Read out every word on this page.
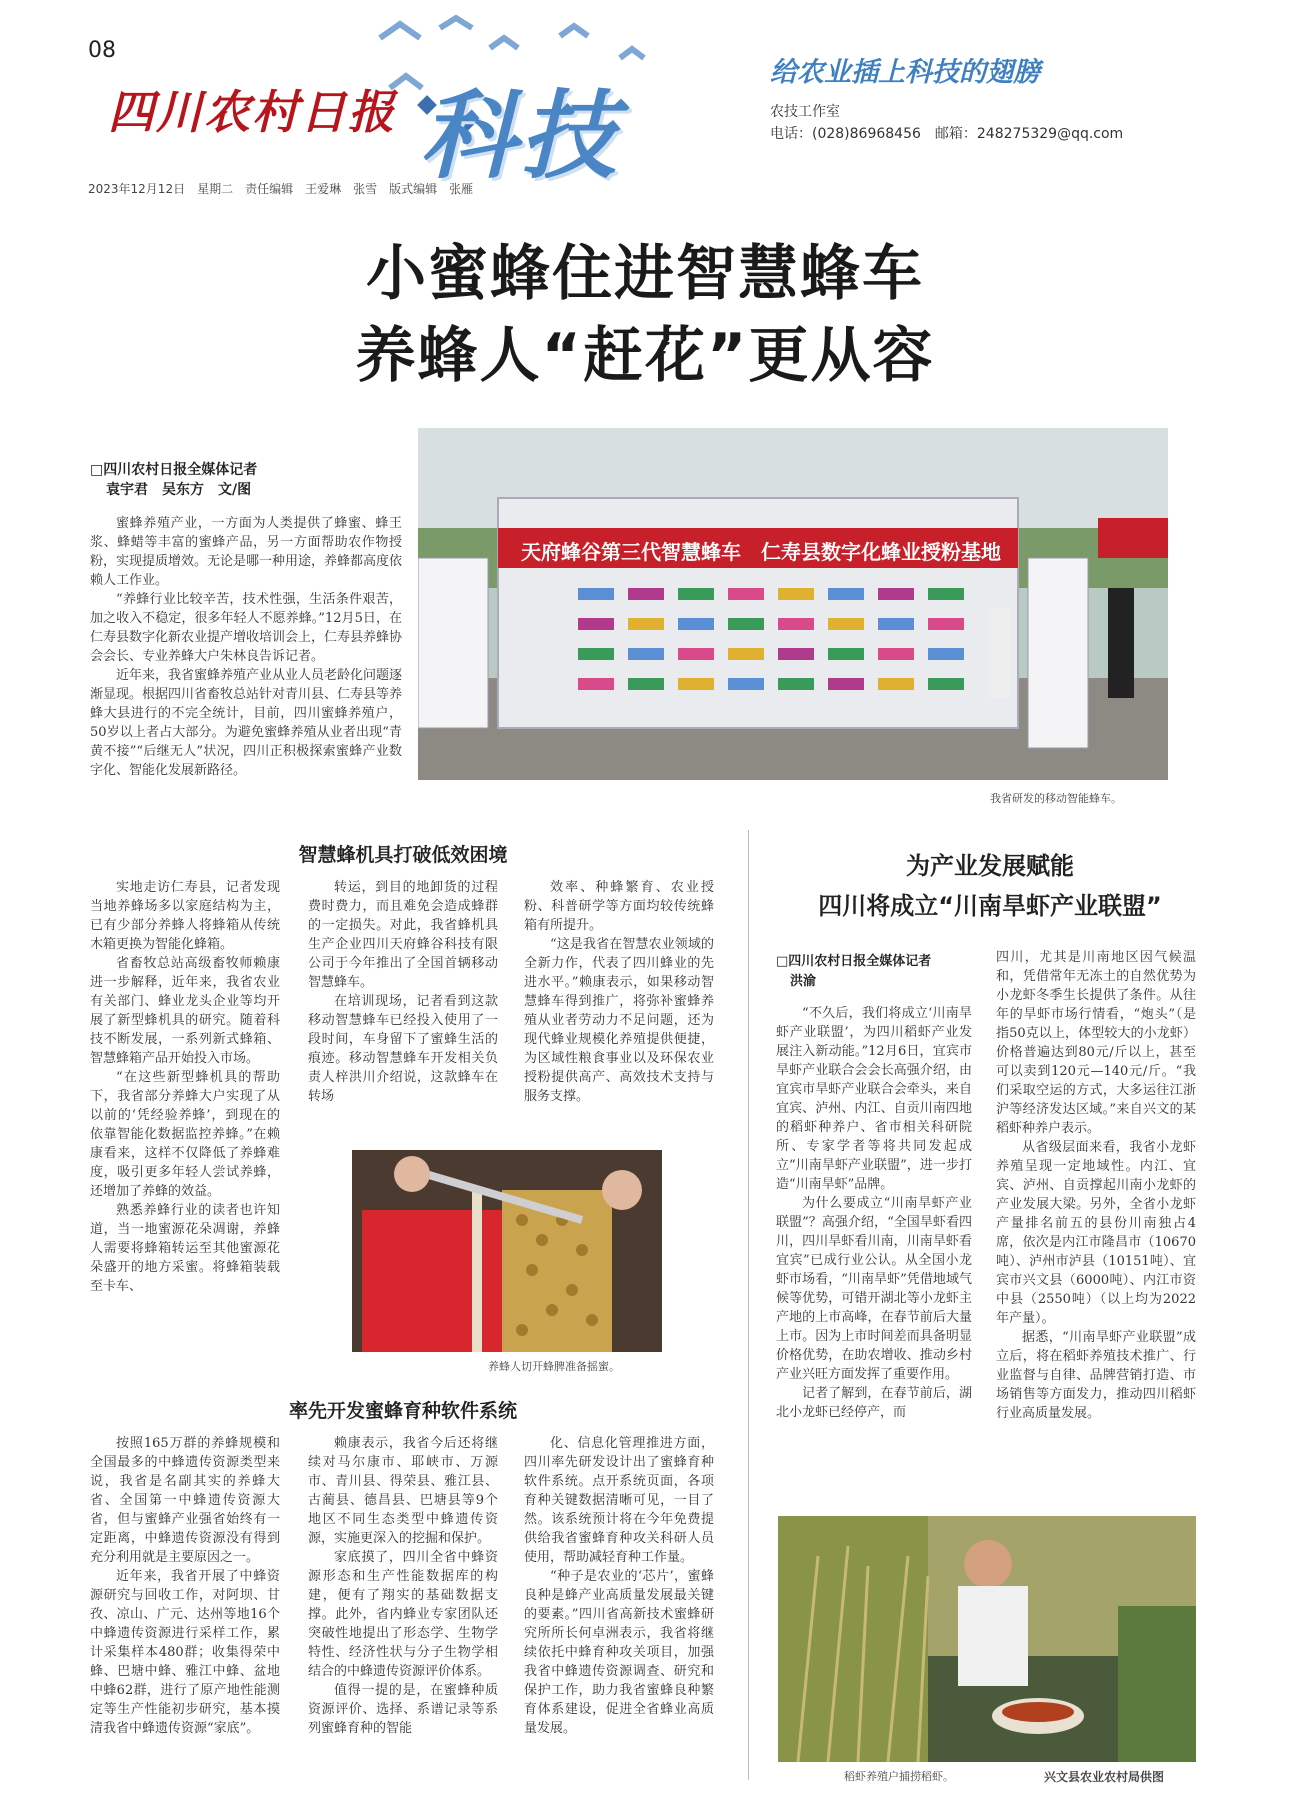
08
四川农村日报 科技
给农业插上科技的翅膀
农技工作室
电话：(028)86968456　邮箱：248275329@qq.com
2023年12月12日　星期二　责任编辑　王爱琳　张雪　版式编辑　张雁
小蜜蜂住进智慧蜂车
养蜂人“赶花”更从容
□四川农村日报全媒体记者
袁宇君　吴东方　文/图

蜜蜂养殖产业，一方面为人类提供了蜂蜜、蜂王浆、蜂蜡等丰富的蜜蜂产品，另一方面帮助农作物授粉，实现提质增效。无论是哪一种用途，养蜂都高度依赖人工作业。

“养蜂行业比较辛苦，技术性强，生活条件艰苦，加之收入不稳定，很多年轻人不愿养蜂。”12月5日，在仁寿县数字化新农业提产增收培训会上，仁寿县养蜂协会会长、专业养蜂大户朱林良告诉记者。

近年来，我省蜜蜂养殖产业从业人员老龄化问题逐渐显现。根据四川省畜牧总站针对青川县、仁寿县等养蜂大县进行的不完全统计，目前，四川蜜蜂养殖户，50岁以上者占大部分。为避免蜜蜂养殖从业者出现“青黄不接”“后继无人”状况，四川正积极探索蜜蜂产业数字化、智能化发展新路径。

天府蜂谷第三代智慧蜂车　仁寿县数字化蜂业授粉基地
我省研发的移动智能蜂车。
智慧蜂机具打破低效困境

实地走访仁寿县，记者发现当地养蜂场多以家庭结构为主，已有少部分养蜂人将蜂箱从传统木箱更换为智能化蜂箱。

省畜牧总站高级畜牧师赖康进一步解释，近年来，我省农业有关部门、蜂业龙头企业等均开展了新型蜂机具的研究。随着科技不断发展，一系列新式蜂箱、智慧蜂箱产品开始投入市场。

“在这些新型蜂机具的帮助下，我省部分养蜂大户实现了从以前的‘凭经验养蜂’，到现在的依靠智能化数据监控养蜂。”在赖康看来，这样不仅降低了养蜂难度，吸引更多年轻人尝试养蜂，还增加了养蜂的效益。

熟悉养蜂行业的读者也许知道，当一地蜜源花朵凋谢，养蜂人需要将蜂箱转运至其他蜜源花朵盛开的地方采蜜。将蜂箱装载至卡车、

转运，到目的地卸货的过程费时费力，而且难免会造成蜂群的一定损失。对此，我省蜂机具生产企业四川天府蜂谷科技有限公司于今年推出了全国首辆移动智慧蜂车。

在培训现场，记者看到这款移动智慧蜂车已经投入使用了一段时间，车身留下了蜜蜂生活的痕迹。移动智慧蜂车开发相关负责人梓洪川介绍说，这款蜂车在转场

效率、种蜂繁育、农业授粉、科普研学等方面均较传统蜂箱有所提升。

“这是我省在智慧农业领域的全新力作，代表了四川蜂业的先进水平。”赖康表示，如果移动智慧蜂车得到推广，将弥补蜜蜂养殖从业者劳动力不足问题，还为现代蜂业规模化养殖提供便捷，为区域性粮食事业以及环保农业授粉提供高产、高效技术支持与服务支撑。

养蜂人切开蜂脾准备摇蜜。
率先开发蜜蜂育种软件系统

按照165万群的养蜂规模和全国最多的中蜂遗传资源类型来说，我省是名副其实的养蜂大省、全国第一中蜂遗传资源大省，但与蜜蜂产业强省始终有一定距离，中蜂遗传资源没有得到充分利用就是主要原因之一。

近年来，我省开展了中蜂资源研究与回收工作，对阿坝、甘孜、凉山、广元、达州等地16个中蜂遗传资源进行采样工作，累计采集样本480群；收集得荣中蜂、巴塘中蜂、雅江中蜂、盆地中蜂62群，进行了原产地性能测定等生产性能初步研究，基本摸清我省中蜂遗传资源“家底”。

赖康表示，我省今后还将继续对马尔康市、耶峡市、万源市、青川县、得荣县、雅江县、古蔺县、德昌县、巴塘县等9个地区不同生态类型中蜂遗传资源，实施更深入的挖掘和保护。

家底摸了，四川全省中蜂资源形态和生产性能数据库的构建，便有了翔实的基础数据支撑。此外，省内蜂业专家团队还突破性地提出了形态学、生物学特性、经济性状与分子生物学相结合的中蜂遗传资源评价体系。

值得一提的是，在蜜蜂种质资源评价、选择、系谱记录等系列蜜蜂育种的智能

化、信息化管理推进方面，四川率先研发设计出了蜜蜂育种软件系统。点开系统页面，各项育种关键数据清晰可见，一目了然。该系统预计将在今年免费提供给我省蜜蜂育种攻关科研人员使用，帮助减轻育种工作量。

“种子是农业的‘芯片’，蜜蜂良种是蜂产业高质量发展最关键的要素。”四川省高新技术蜜蜂研究所所长何卓洲表示，我省将继续依托中蜂育种攻关项目，加强我省中蜂遗传资源调查、研究和保护工作，助力我省蜜蜂良种繁育体系建设，促进全省蜂业高质量发展。

为产业发展赋能
四川将成立“川南旱虾产业联盟”
□四川农村日报全媒体记者
洪渝

“不久后，我们将成立‘川南旱虾产业联盟’，为四川稻虾产业发展注入新动能。”12月6日，宜宾市旱虾产业联合会会长高强介绍，由宜宾市旱虾产业联合会牵头，来自宜宾、泸州、内江、自贡川南四地的稻虾种养户、省市相关科研院所、专家学者等将共同发起成立“川南旱虾产业联盟”，进一步打造“川南旱虾”品牌。

为什么要成立“川南旱虾产业联盟”？高强介绍，“全国旱虾看四川，四川旱虾看川南，川南旱虾看宜宾”已成行业公认。从全国小龙虾市场看，“川南旱虾”凭借地域气候等优势，可错开湖北等小龙虾主产地的上市高峰，在春节前后大量上市。因为上市时间差而具备明显价格优势，在助农增收、推动乡村产业兴旺方面发挥了重要作用。

记者了解到，在春节前后，湖北小龙虾已经停产，而

四川，尤其是川南地区因气候温和，凭借常年无冻土的自然优势为小龙虾冬季生长提供了条件。从往年的旱虾市场行情看，“炮头”（是指50克以上，体型较大的小龙虾）价格普遍达到80元/斤以上，甚至可以卖到120元—140元/斤。“我们采取空运的方式，大多运往江浙沪等经济发达区域。”来自兴文的某稻虾种养户表示。

从省级层面来看，我省小龙虾养殖呈现一定地域性。内江、宜宾、泸州、自贡撑起川南小龙虾的产业发展大梁。另外，全省小龙虾产量排名前五的县份川南独占4席，依次是内江市隆昌市（10670吨）、泸州市泸县（10151吨）、宜宾市兴文县（6000吨）、内江市资中县（2550吨）（以上均为2022年产量）。

据悉，“川南旱虾产业联盟”成立后，将在稻虾养殖技术推广、行业监督与自律、品牌营销打造、市场销售等方面发力，推动四川稻虾行业高质量发展。

稻虾养殖户捕捞稻虾。	兴文县农业农村局供图
